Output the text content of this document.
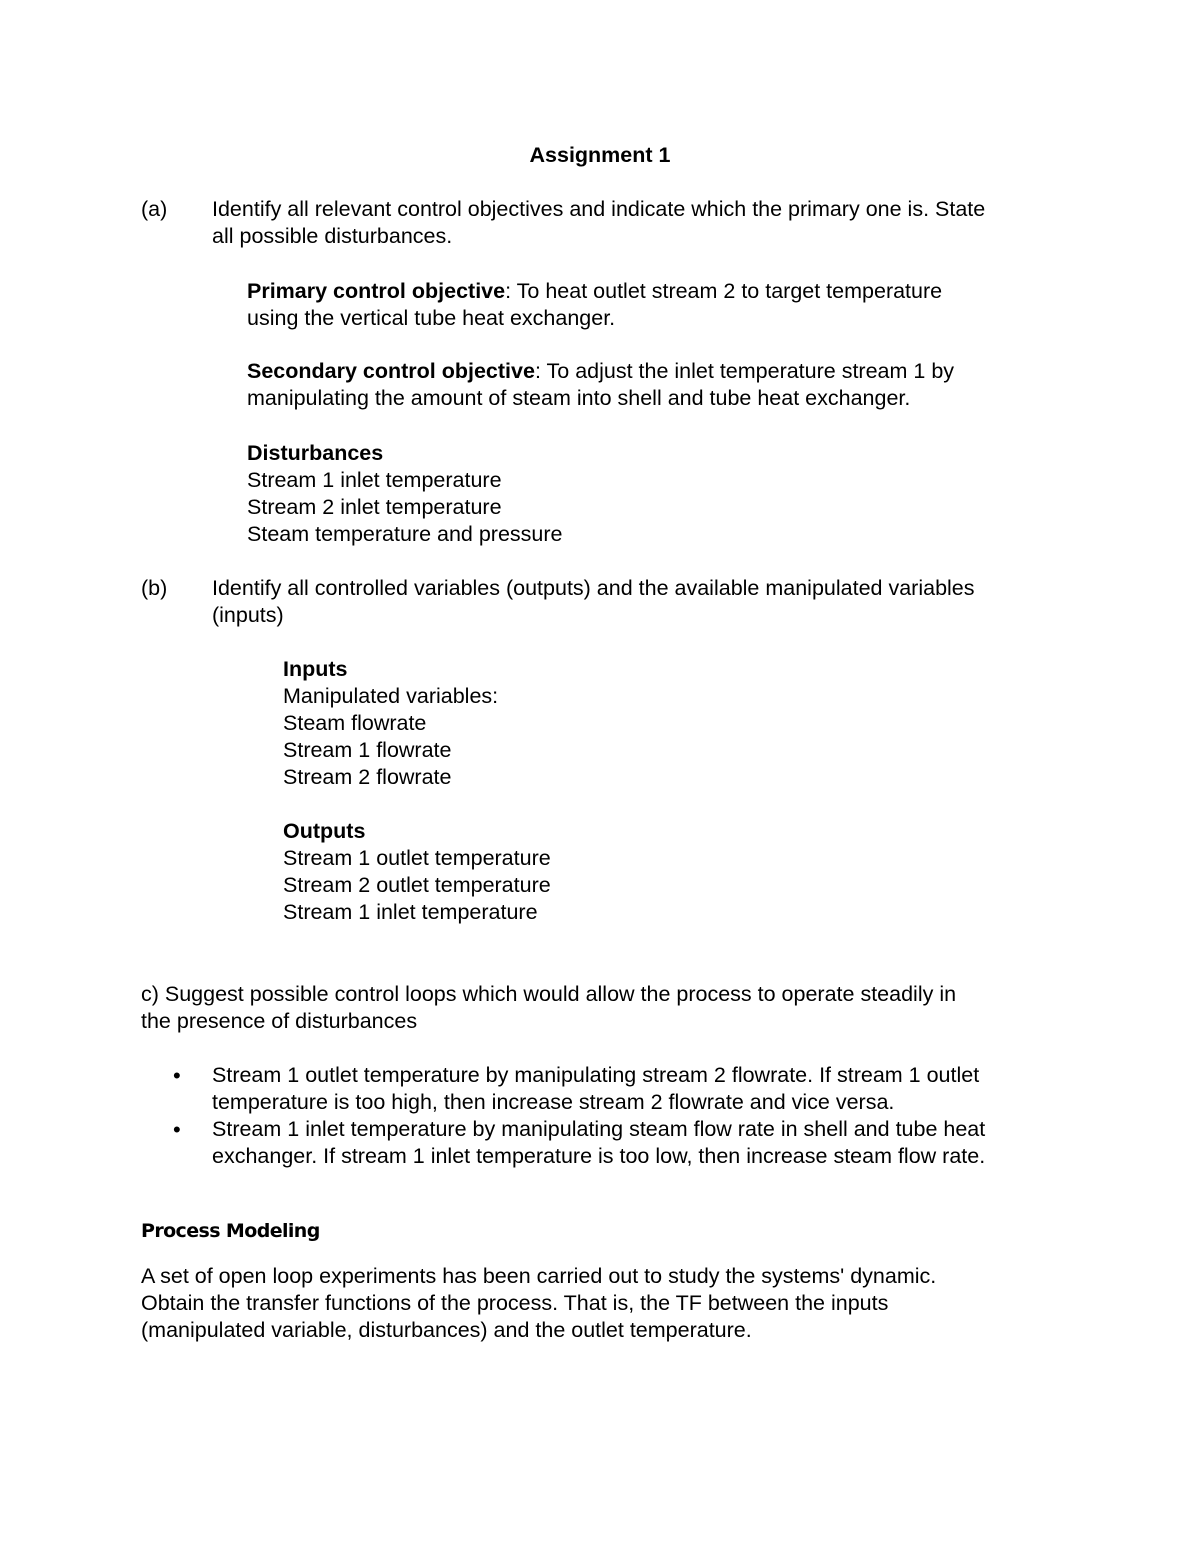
Assignment 1
(a) Identify all relevant control objectives and indicate which the primary one is. State
all possible disturbances.
Primary control objective: To heat outlet stream 2 to target temperature
using the vertical tube heat exchanger.
Secondary control objective: To adjust the inlet temperature stream 1 by
manipulating the amount of steam into shell and tube heat exchanger.
Disturbances
Stream 1 inlet temperature
Stream 2 inlet temperature
Steam temperature and pressure
(b) Identify all controlled variables (outputs) and the available manipulated variables
(inputs)
Inputs
Manipulated variables:
Steam flowrate
Stream 1 flowrate
Stream 2 flowrate
Outputs
Stream 1 outlet temperature
Stream 2 outlet temperature
Stream 1 inlet temperature
c) Suggest possible control loops which would allow the process to operate steadily in
the presence of disturbances
•	Stream 1 outlet temperature by manipulating stream 2 flowrate. If stream 1 outlet
temperature is too high, then increase stream 2 flowrate and vice versa.
•	Stream 1 inlet temperature by manipulating steam flow rate in shell and tube heat
exchanger. If stream 1 inlet temperature is too low, then increase steam flow rate.
Process Modeling
A set of open loop experiments has been carried out to study the systems' dynamic.
Obtain the transfer functions of the process. That is, the TF between the inputs
(manipulated variable, disturbances) and the outlet temperature.
